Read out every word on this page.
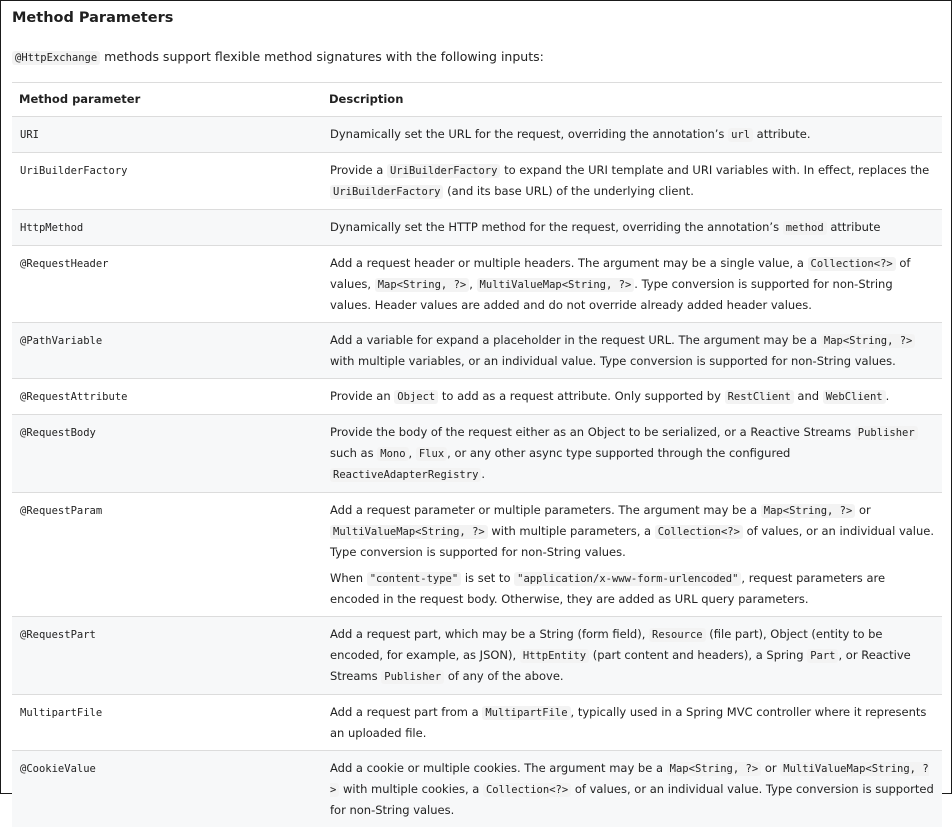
Method Parameters

@HttpExchange methods support flexible method signatures with the following inputs:

Method parameter	Description
URI	Dynamically set the URL for the request, overriding the annotation’s url attribute.

UriBuilderFactory	Provide a UriBuilderFactory to expand the URI template and URI variables with. In effect, replaces the UriBuilderFactory (and its base URL) of the underlying client.

HttpMethod	Dynamically set the HTTP method for the request, overriding the annotation’s method attribute

@RequestHeader	Add a request header or multiple headers. The argument may be a single value, a Collection<?> of values, Map<String, ?> , MultiValueMap<String, ?> . Type conversion is supported for non-String values. Header values are added and do not override already added header values.

@PathVariable	Add a variable for expand a placeholder in the request URL. The argument may be a Map<String, ?> with multiple variables, or an individual value. Type conversion is supported for non-String values.

@RequestAttribute	Provide an Object to add as a request attribute. Only supported by RestClient and WebClient .

@RequestBody	Provide the body of the request either as an Object to be serialized, or a Reactive Streams Publisher such as Mono , Flux , or any other async type supported through the configured ReactiveAdapterRegistry .

@RequestParam	Add a request parameter or multiple parameters. The argument may be a Map<String, ?> or MultiValueMap<String, ?> with multiple parameters, a Collection<?> of values, or an individual value. Type conversion is supported for non-String values.
When "content-type" is set to "application/x-www-form-urlencoded" , request parameters are encoded in the request body. Otherwise, they are added as URL query parameters.

@RequestPart	Add a request part, which may be a String (form field), Resource (file part), Object (entity to be encoded, for example, as JSON), HttpEntity (part content and headers), a Spring Part , or Reactive Streams Publisher of any of the above.

MultipartFile	Add a request part from a MultipartFile , typically used in a Spring MVC controller where it represents an uploaded file.

@CookieValue	Add a cookie or multiple cookies. The argument may be a Map<String, ?> or MultiValueMap<String, ?> with multiple cookies, a Collection<?> of values, or an individual value. Type conversion is supported for non-String values.
